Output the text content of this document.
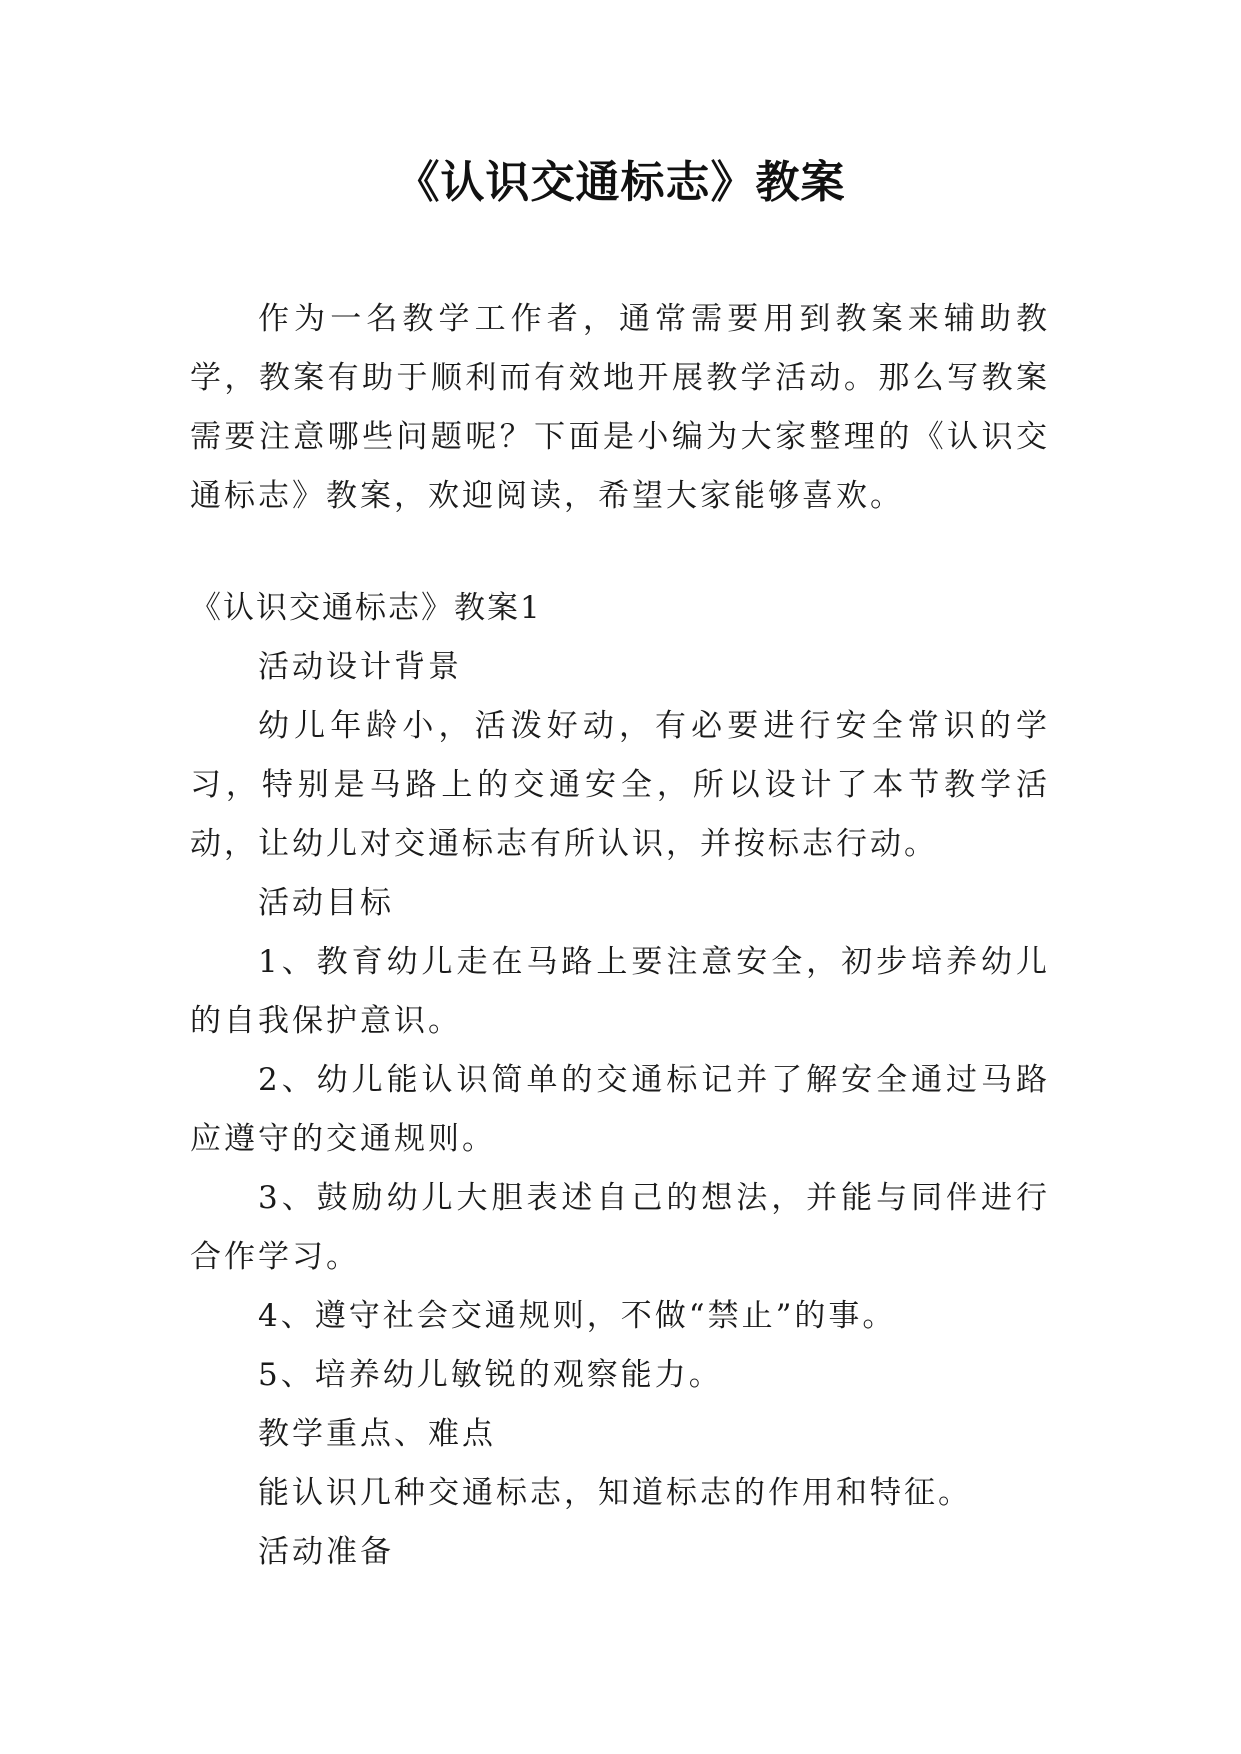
《认识交通标志》教案

作为一名教学工作者，通常需要用到教案来辅助教学，教案有助于顺利而有效地开展教学活动。那么写教案需要注意哪些问题呢？下面是小编为大家整理的《认识交通标志》教案，欢迎阅读，希望大家能够喜欢。

《认识交通标志》教案1

活动设计背景

幼儿年龄小，活泼好动，有必要进行安全常识的学习，特别是马路上的交通安全，所以设计了本节教学活动，让幼儿对交通标志有所认识，并按标志行动。

活动目标

1、教育幼儿走在马路上要注意安全，初步培养幼儿的自我保护意识。

2、幼儿能认识简单的交通标记并了解安全通过马路应遵守的交通规则。

3、鼓励幼儿大胆表述自己的想法，并能与同伴进行合作学习。

4、遵守社会交通规则，不做“禁止”的事。

5、培养幼儿敏锐的观察能力。

教学重点、难点

能认识几种交通标志，知道标志的作用和特征。

活动准备
